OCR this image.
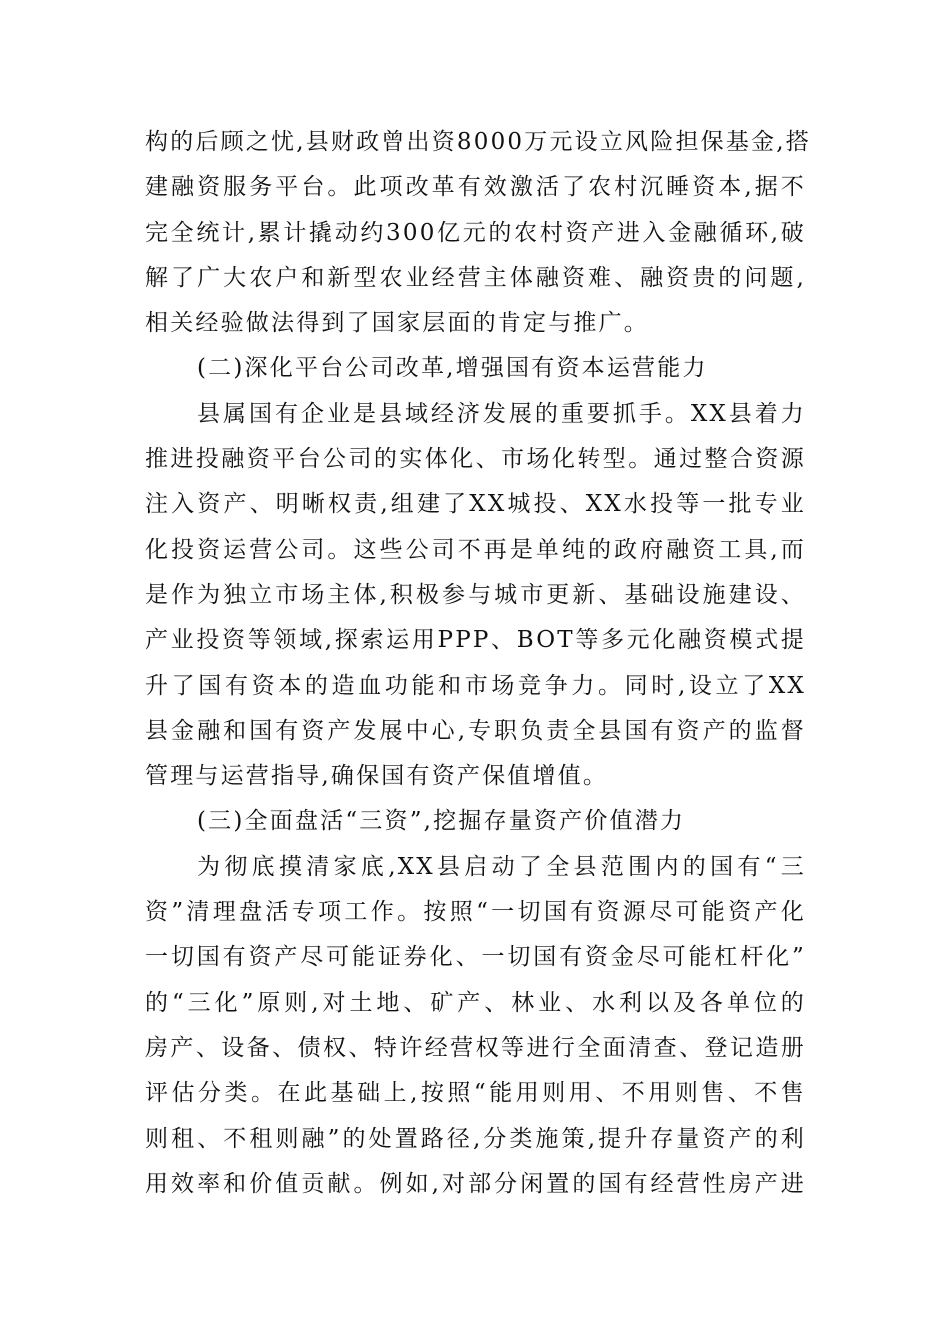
构的后顾之忧,县财政曾出资8000万元设立风险担保基金,搭
建融资服务平台。此项改革有效激活了农村沉睡资本,据不
完全统计,累计撬动约300亿元的农村资产进入金融循环,破
解了广大农户和新型农业经营主体融资难、融资贵的问题,
相关经验做法得到了国家层面的肯定与推广。
(二)深化平台公司改革,增强国有资本运营能力
县属国有企业是县域经济发展的重要抓手。XX县着力
推进投融资平台公司的实体化、市场化转型。通过整合资源
注入资产、明晰权责,组建了XX城投、XX水投等一批专业
化投资运营公司。这些公司不再是单纯的政府融资工具,而
是作为独立市场主体,积极参与城市更新、基础设施建设、
产业投资等领域,探索运用PPP、BOT等多元化融资模式提
升了国有资本的造血功能和市场竞争力。同时,设立了XX
县金融和国有资产发展中心,专职负责全县国有资产的监督
管理与运营指导,确保国有资产保值增值。
(三)全面盘活“三资”,挖掘存量资产价值潜力
为彻底摸清家底,XX县启动了全县范围内的国有“三
资”清理盘活专项工作。按照“一切国有资源尽可能资产化
一切国有资产尽可能证券化、一切国有资金尽可能杠杆化”
的“三化”原则,对土地、矿产、林业、水利以及各单位的
房产、设备、债权、特许经营权等进行全面清查、登记造册
评估分类。在此基础上,按照“能用则用、不用则售、不售
则租、不租则融”的处置路径,分类施策,提升存量资产的利
用效率和价值贡献。例如,对部分闲置的国有经营性房产进
